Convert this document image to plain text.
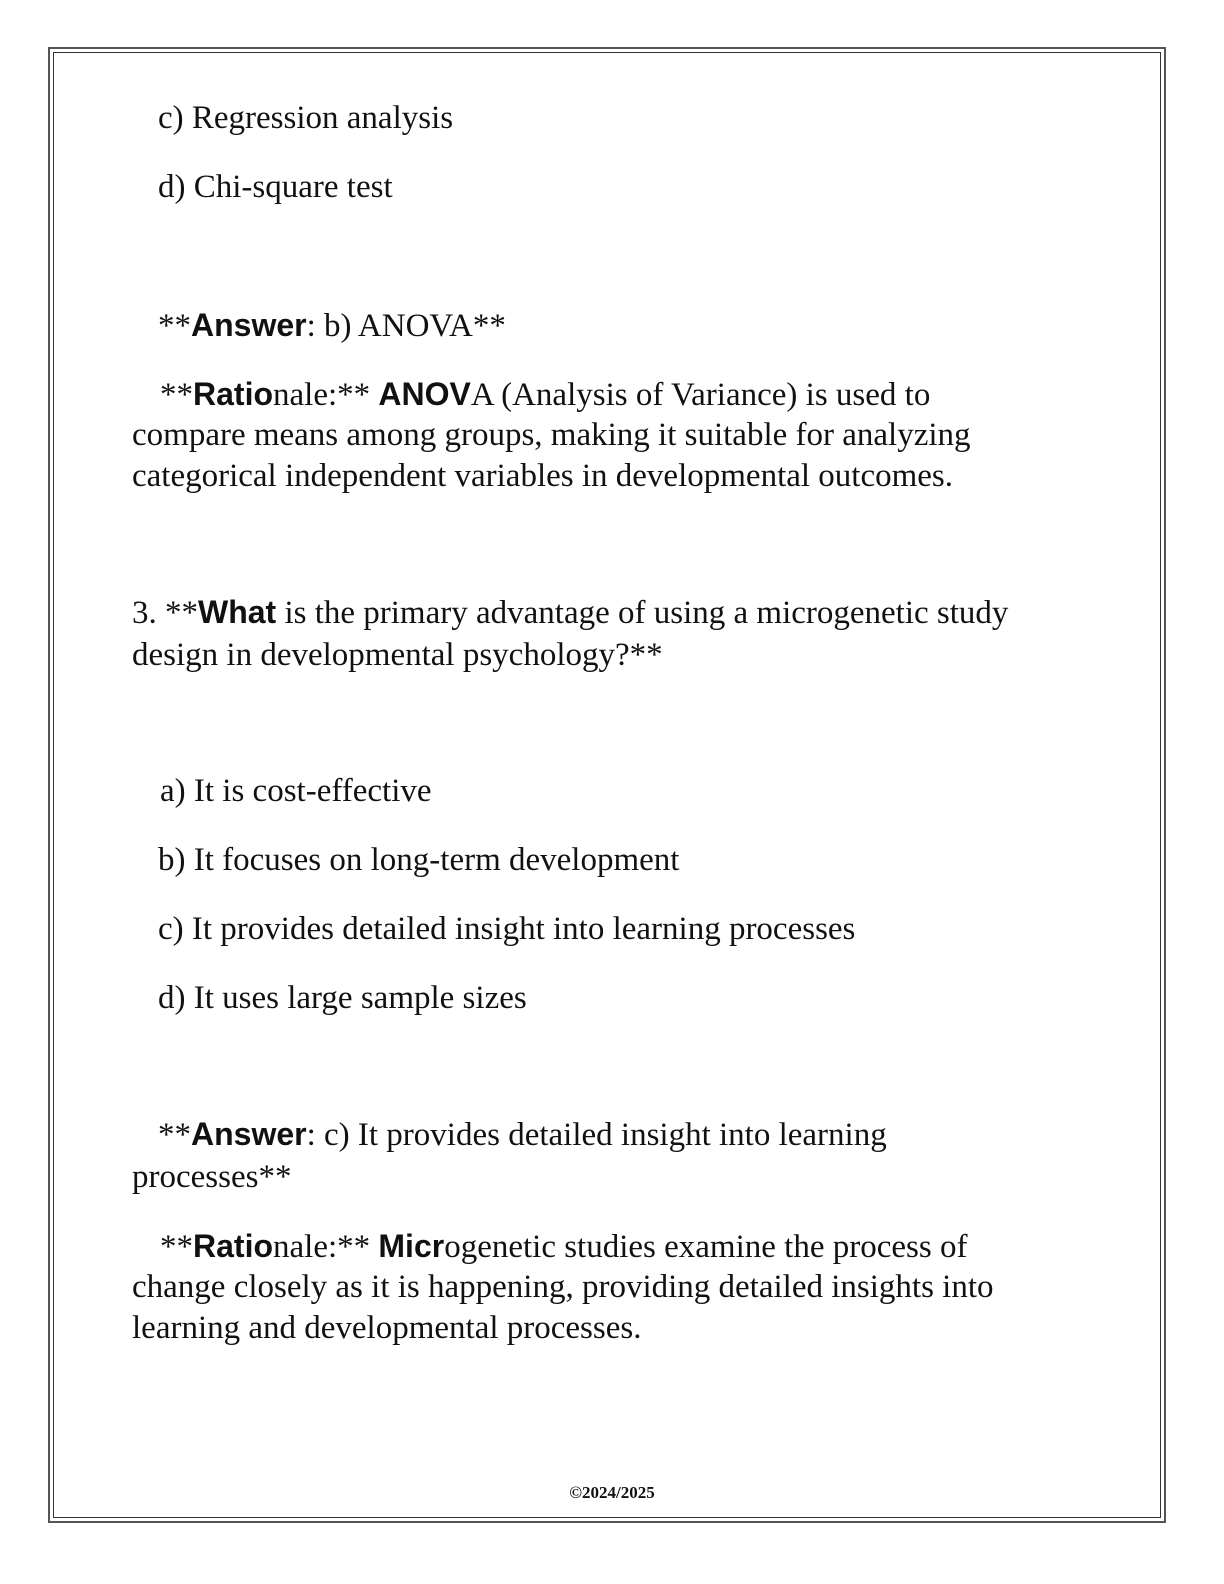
c) Regression analysis
d) Chi-square test
**Answer: b) ANOVA**
**Rationale:** ANOVA (Analysis of Variance) is used to
compare means among groups, making it suitable for analyzing
categorical independent variables in developmental outcomes.
3. **What is the primary advantage of using a microgenetic study
design in developmental psychology?**
a) It is cost-effective
b) It focuses on long-term development
c) It provides detailed insight into learning processes
d) It uses large sample sizes
**Answer: c) It provides detailed insight into learning
processes**
**Rationale:** Microgenetic studies examine the process of
change closely as it is happening, providing detailed insights into
learning and developmental processes.
©2024/2025
